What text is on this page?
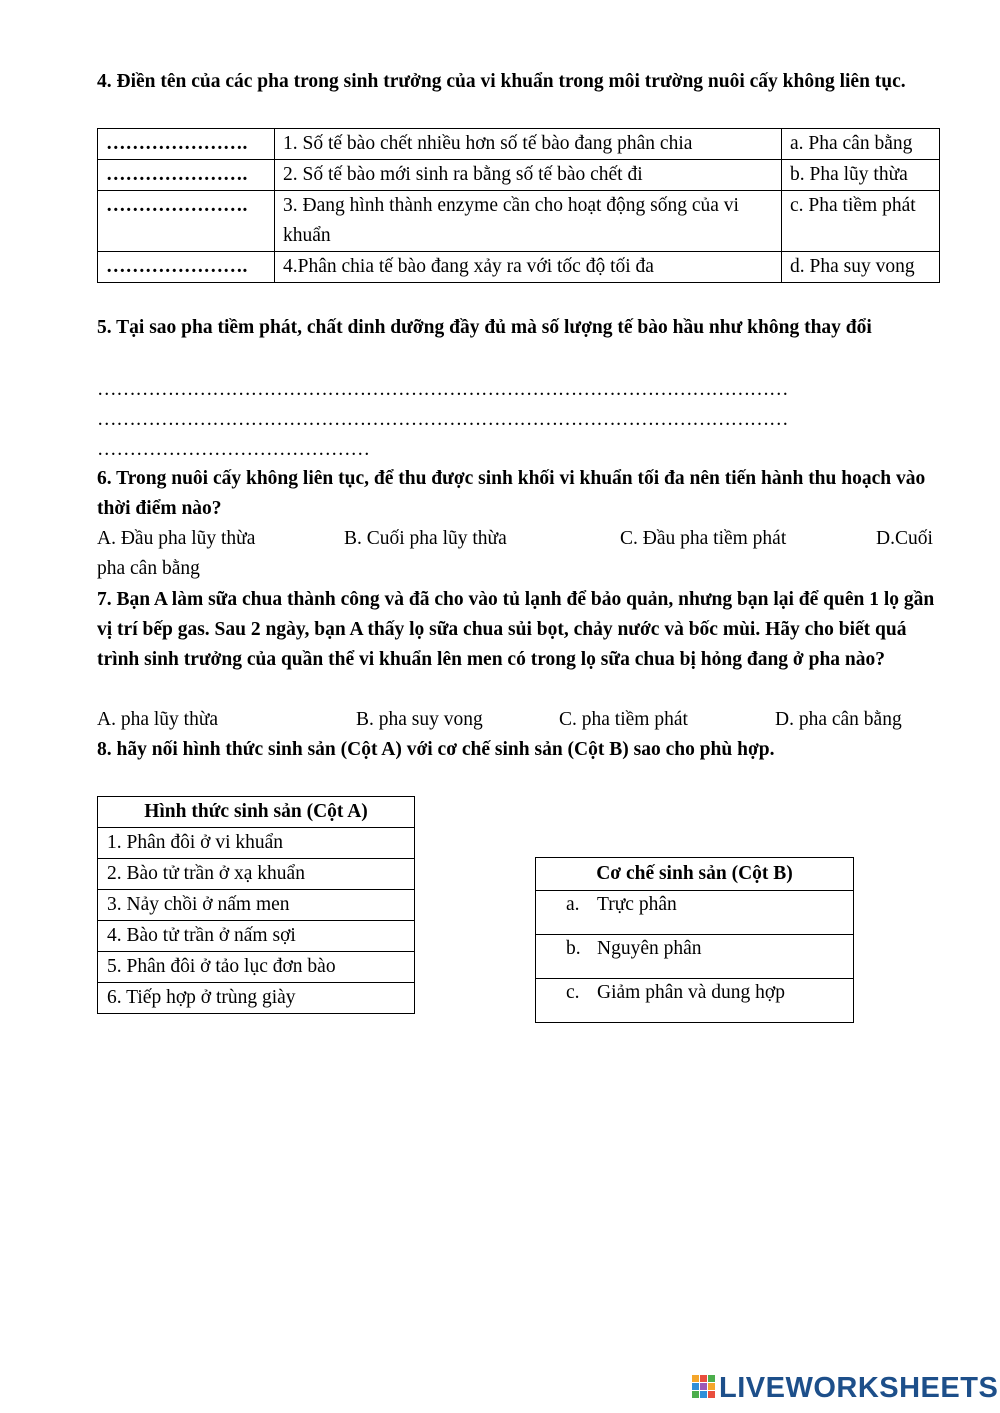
4. Điền tên của các pha trong sinh trưởng của vi khuẩn trong môi trường nuôi cấy không liên tục.
………………….	1. Số tế bào chết nhiều hơn số tế bào đang phân chia	a. Pha cân bằng
………………….	2. Số tế bào mới sinh ra bằng số tế bào chết đi	b. Pha lũy thừa
………………….	3. Đang hình thành enzyme cần cho hoạt động sống của vi khuẩn	c. Pha tiềm phát
………………….	4.Phân chia tế bào đang xảy ra với tốc độ tối đa	d. Pha suy vong
5. Tại sao pha tiềm phát, chất dinh dưỡng đầy đủ mà số lượng tế bào hầu như không thay đổi
………………………………………………………………………………………………
………………………………………………………………………………………………
……………………………………
6. Trong nuôi cấy không liên tục, để thu được sinh khối vi khuẩn tối đa nên tiến hành thu hoạch vào thời điểm nào?
A. Đầu pha lũy thừa	B. Cuối pha lũy thừa	C. Đầu pha tiềm phát	D.Cuối
pha cân bằng
7. Bạn A làm sữa chua thành công và đã cho vào tủ lạnh để bảo quản, nhưng bạn lại để quên 1 lọ gần vị trí bếp gas. Sau 2 ngày, bạn A thấy lọ sữa chua sủi bọt, chảy nước và bốc mùi. Hãy cho biết quá trình sinh trưởng của quần thể vi khuẩn lên men có trong lọ sữa chua bị hỏng đang ở pha nào?
A. pha lũy thừa	B. pha suy vong	C. pha tiềm phát	D. pha cân bằng
8. hãy nối hình thức sinh sản (Cột A) với cơ chế sinh sản (Cột B) sao cho phù hợp.
Hình thức sinh sản (Cột A)
1. Phân đôi ở vi khuẩn
2. Bào tử trần ở xạ khuẩn
3. Nảy chồi ở nấm men
4. Bào tử trần ở nấm sợi
5. Phân đôi ở tảo lục đơn bào
6. Tiếp hợp ở trùng giày
Cơ chế sinh sản (Cột B)
a. Trực phân
b. Nguyên phân
c. Giảm phân và dung hợp
LIVEWORKSHEETS
